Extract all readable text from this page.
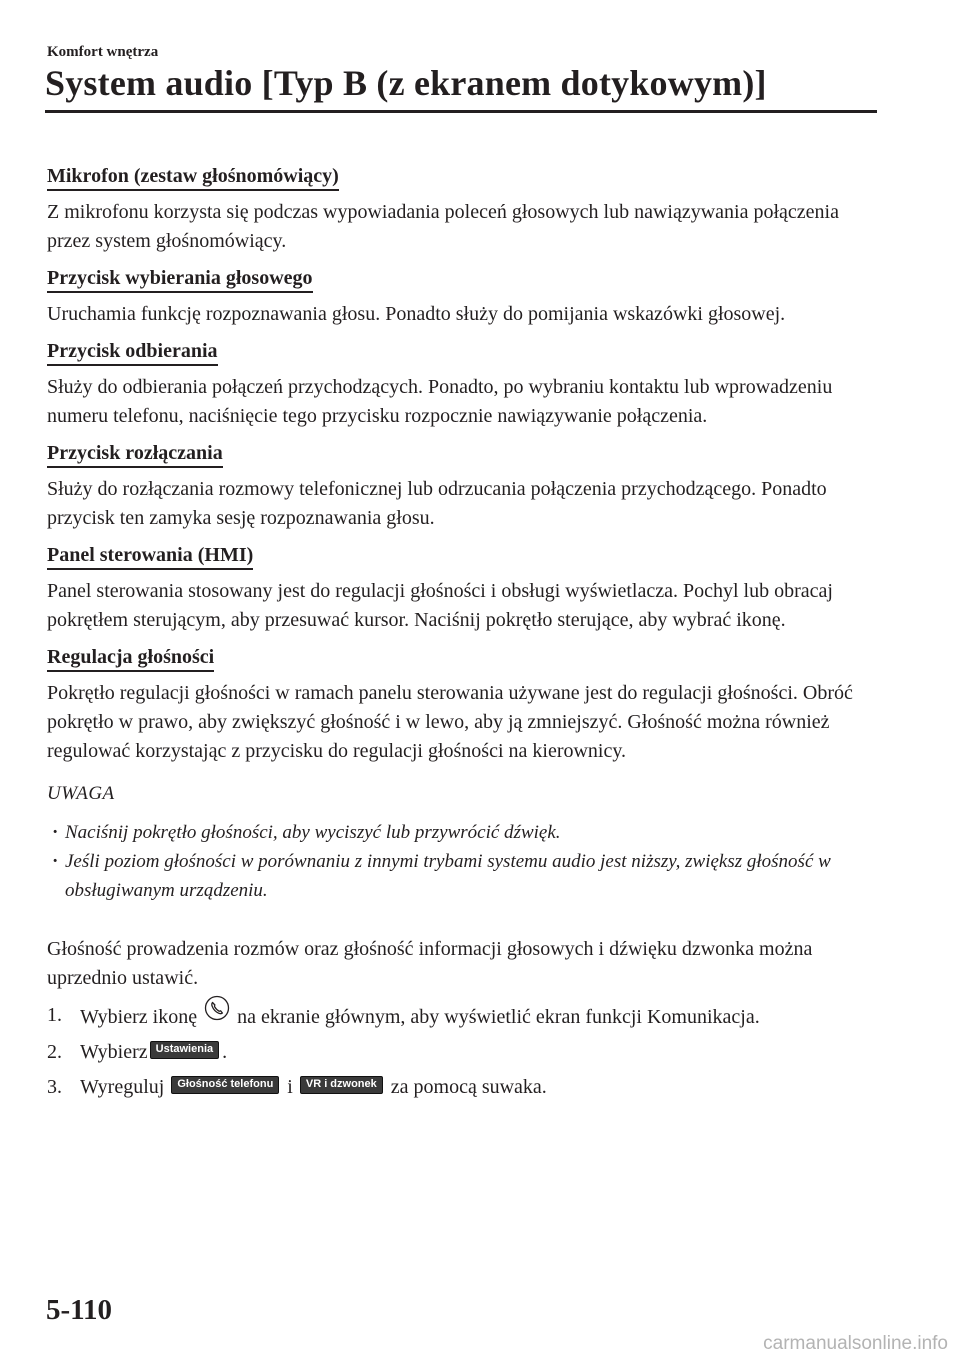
Komfort wnętrza
System audio [Typ B (z ekranem dotykowym)]
Mikrofon (zestaw głośnomówiący)

Z mikrofonu korzysta się podczas wypowiadania poleceń głosowych lub nawiązywania połączenia przez system głośnomówiący.

Przycisk wybierania głosowego

Uruchamia funkcję rozpoznawania głosu. Ponadto służy do pomijania wskazówki głosowej.

Przycisk odbierania

Służy do odbierania połączeń przychodzących. Ponadto, po wybraniu kontaktu lub wprowadzeniu numeru telefonu, naciśnięcie tego przycisku rozpocznie nawiązywanie połączenia.

Przycisk rozłączania

Służy do rozłączania rozmowy telefonicznej lub odrzucania połączenia przychodzącego. Ponadto przycisk ten zamyka sesję rozpoznawania głosu.

Panel sterowania (HMI)

Panel sterowania stosowany jest do regulacji głośności i obsługi wyświetlacza. Pochyl lub obracaj pokrętłem sterującym, aby przesuwać kursor. Naciśnij pokrętło sterujące, aby wybrać ikonę.

Regulacja głośności

Pokrętło regulacji głośności w ramach panelu sterowania używane jest do regulacji głośności. Obróć pokrętło w prawo, aby zwiększyć głośność i w lewo, aby ją zmniejszyć. Głośność można również regulować korzystając z przycisku do regulacji głośności na kierownicy.

UWAGA
· Naciśnij pokrętło głośności, aby wyciszyć lub przywrócić dźwięk.
· Jeśli poziom głośności w porównaniu z innymi trybami systemu audio jest niższy, zwiększ głośność w obsługiwanym urządzeniu.

Głośność prowadzenia rozmów oraz głośność informacji głosowych i dźwięku dzwonka można uprzednio ustawić.

1. Wybierz ikonę na ekranie głównym, aby wyświetlić ekran funkcji Komunikacja.
2. Wybierz Ustawienia .
3. Wyreguluj Głośność telefonu i VR i dzwonek za pomocą suwaka.
5-110
carmanualsonline.info
